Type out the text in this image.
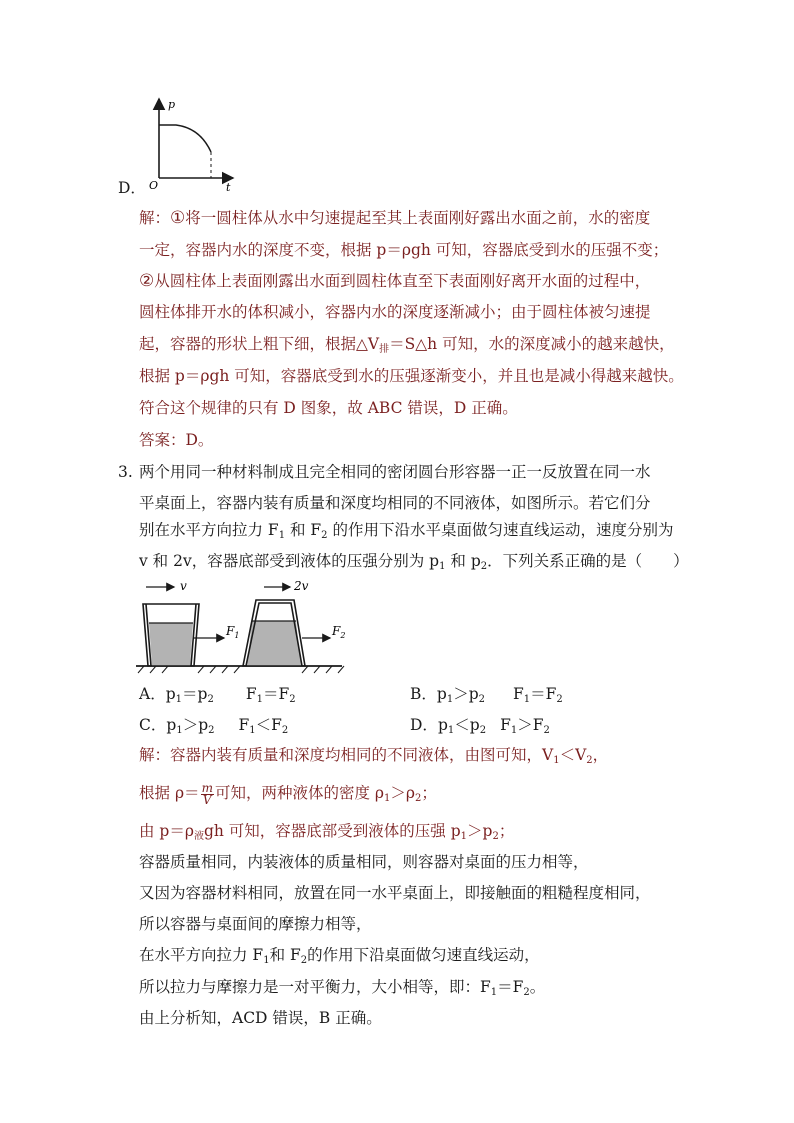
D．
p
t
O
解：①将一圆柱体从水中匀速提起至其上表面刚好露出水面之前，水的密度
一定，容器内水的深度不变，根据 p＝ρgh 可知，容器底受到水的压强不变；
②从圆柱体上表面刚露出水面到圆柱体直至下表面刚好离开水面的过程中，
圆柱体排开水的体积减小，容器内水的深度逐渐减小；由于圆柱体被匀速提
起，容器的形状上粗下细，根据$\triangle V_排=S\triangle h$ 可知，水的深度减小的越来越快，
根据 p＝ρgh 可知，容器底受到水的压强逐渐变小，并且也是减小得越来越快。
符合这个规律的只有 D 图象，故 ABC 错误，D 正确。
答案：D。
3. 两个用同一种材料制成且完全相同的密闭圆台形容器一正一反放置在同一水
平桌面上，容器内装有质量和深度均相同的不同液体，如图所示。若它们分
别在水平方向拉力 $F_1$ 和 $F_2$ 的作用下沿水平桌面做匀速直线运动，速度分别为
v 和 2v，容器底部受到液体的压强分别为 $p_1$ 和 $p_2$．下列关系正确的是（　　）
v	2v
$F_1$	$F_2$
A．$p_1=p_2$ $F_1=F_2$	B．$p_1>p_2$ $F_1=F_2$
C．$p_1>p_2$ $F_1<F_2$	D．$p_1<p_2$ $F_1>F_2$
解：容器内装有质量和深度均相同的不同液体，由图可知，$V_1<V_2$，
根据 $\rho= \frac{m}{V}$ 可知，两种液体的密度 $\rho_1>\rho_2$；
由 $p=\rho_液gh$ 可知，容器底部受到液体的压强 $p_1>p_2$；
容器质量相同，内装液体的质量相同，则容器对桌面的压力相等，
又因为容器材料相同，放置在同一水平桌面上，即接触面的粗糙程度相同，
所以容器与桌面间的摩擦力相等，
在水平方向拉力 $F_1$和 $F_2$的作用下沿桌面做匀速直线运动，
所以拉力与摩擦力是一对平衡力，大小相等，即：$F_1=F_2$。
由上分析知，ACD 错误，B 正确。
